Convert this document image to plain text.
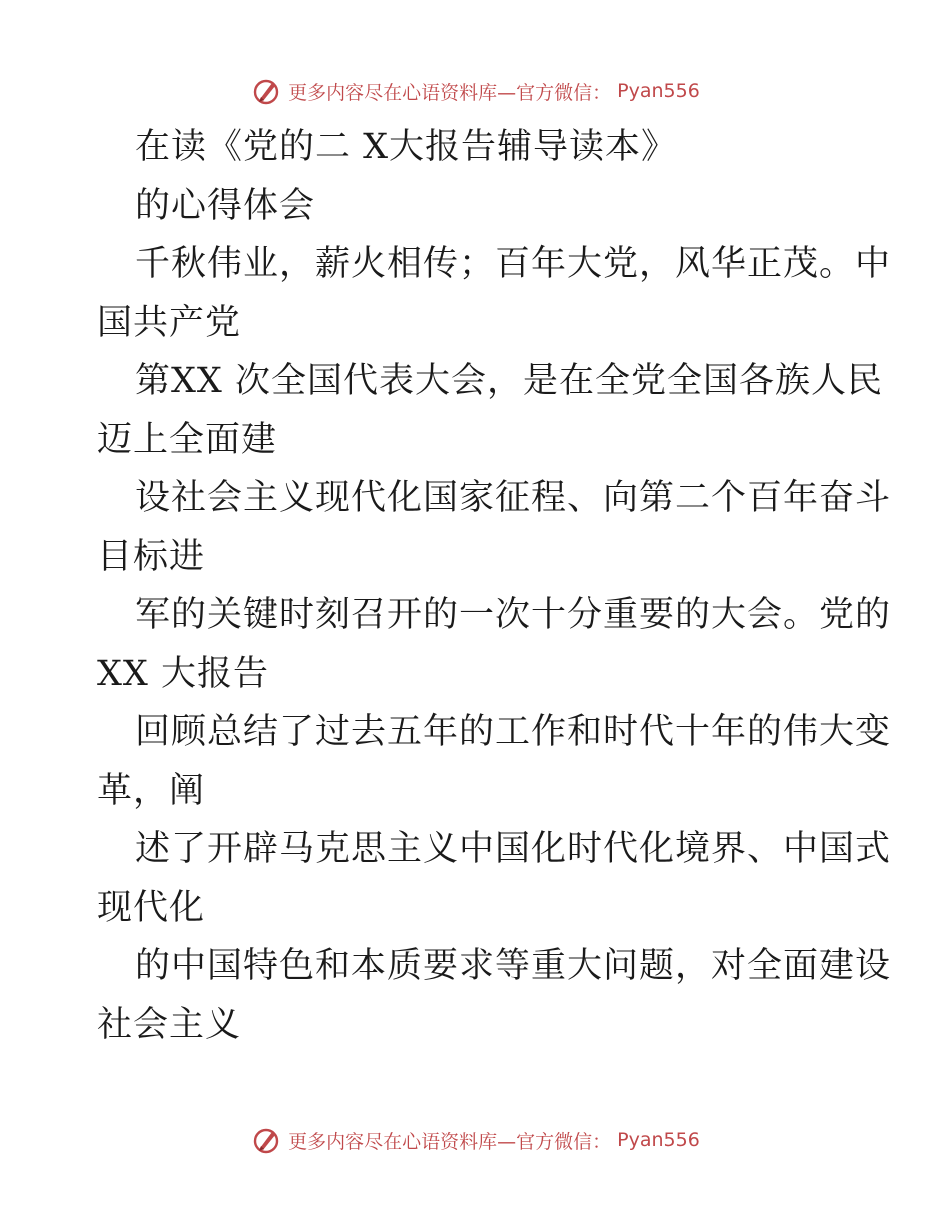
更多内容尽在心语资料库—官方微信： Pyan556
在读《党的二 X大报告辅导读本》
的心得体会
千秋伟业，薪火相传；百年大党，风华正茂。中
国共产党
第XX 次全国代表大会，是在全党全国各族人民
迈上全面建
设社会主义现代化国家征程、向第二个百年奋斗
目标进
军的关键时刻召开的一次十分重要的大会。党的
XX 大报告
回顾总结了过去五年的工作和时代十年的伟大变
革，阐
述了开辟马克思主义中国化时代化境界、中国式
现代化
的中国特色和本质要求等重大问题，对全面建设
社会主义
更多内容尽在心语资料库—官方微信： Pyan556
